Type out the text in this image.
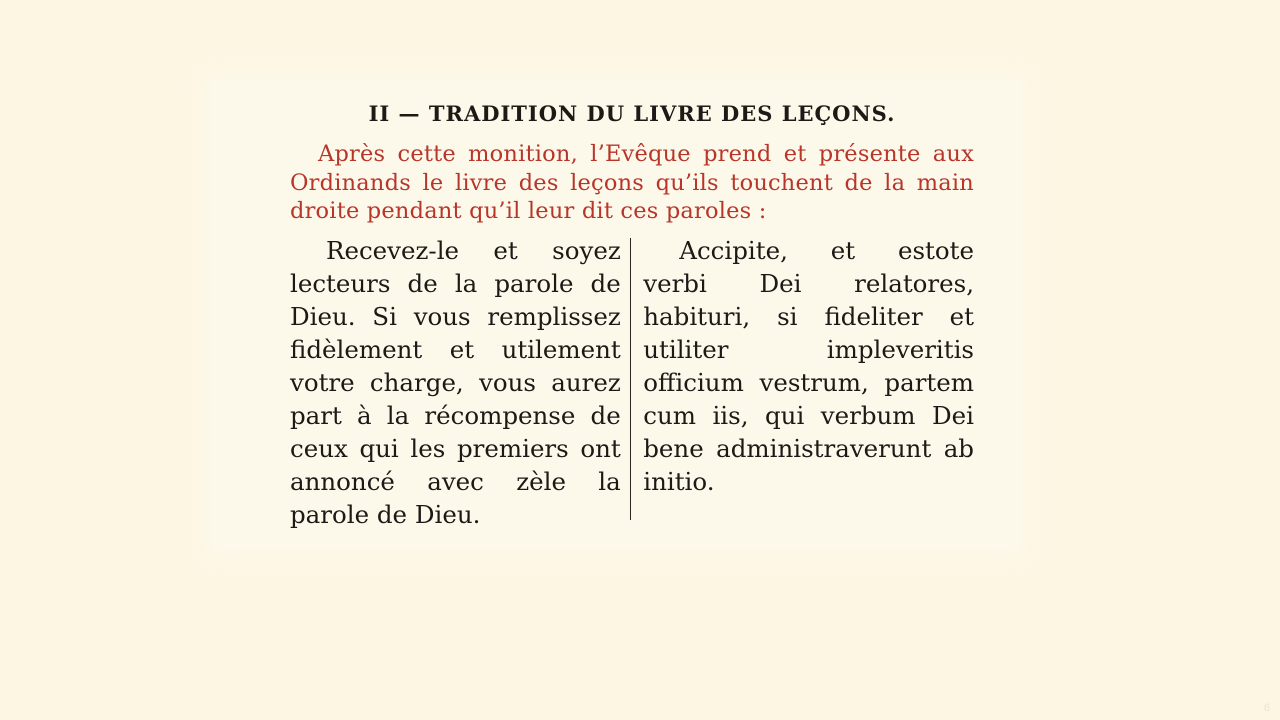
II — TRADITION DU LIVRE DES LEÇONS.

Après cette monition, l’Evêque prend et présente aux Ordinands le livre des leçons qu’ils touchent de la main droite pendant qu’il leur dit ces paroles :

Recevez-le et soyez lecteurs de la parole de Dieu. Si vous remplissez fidèlement et utilement votre charge, vous aurez part à la récompense de ceux qui les premiers ont annoncé avec zèle la parole de Dieu.
Accipite, et estote verbi Dei relatores, habituri, si fideliter et utiliter impleveritis officium vestrum, partem cum iis, qui verbum Dei bene administraverunt ab initio.
6
